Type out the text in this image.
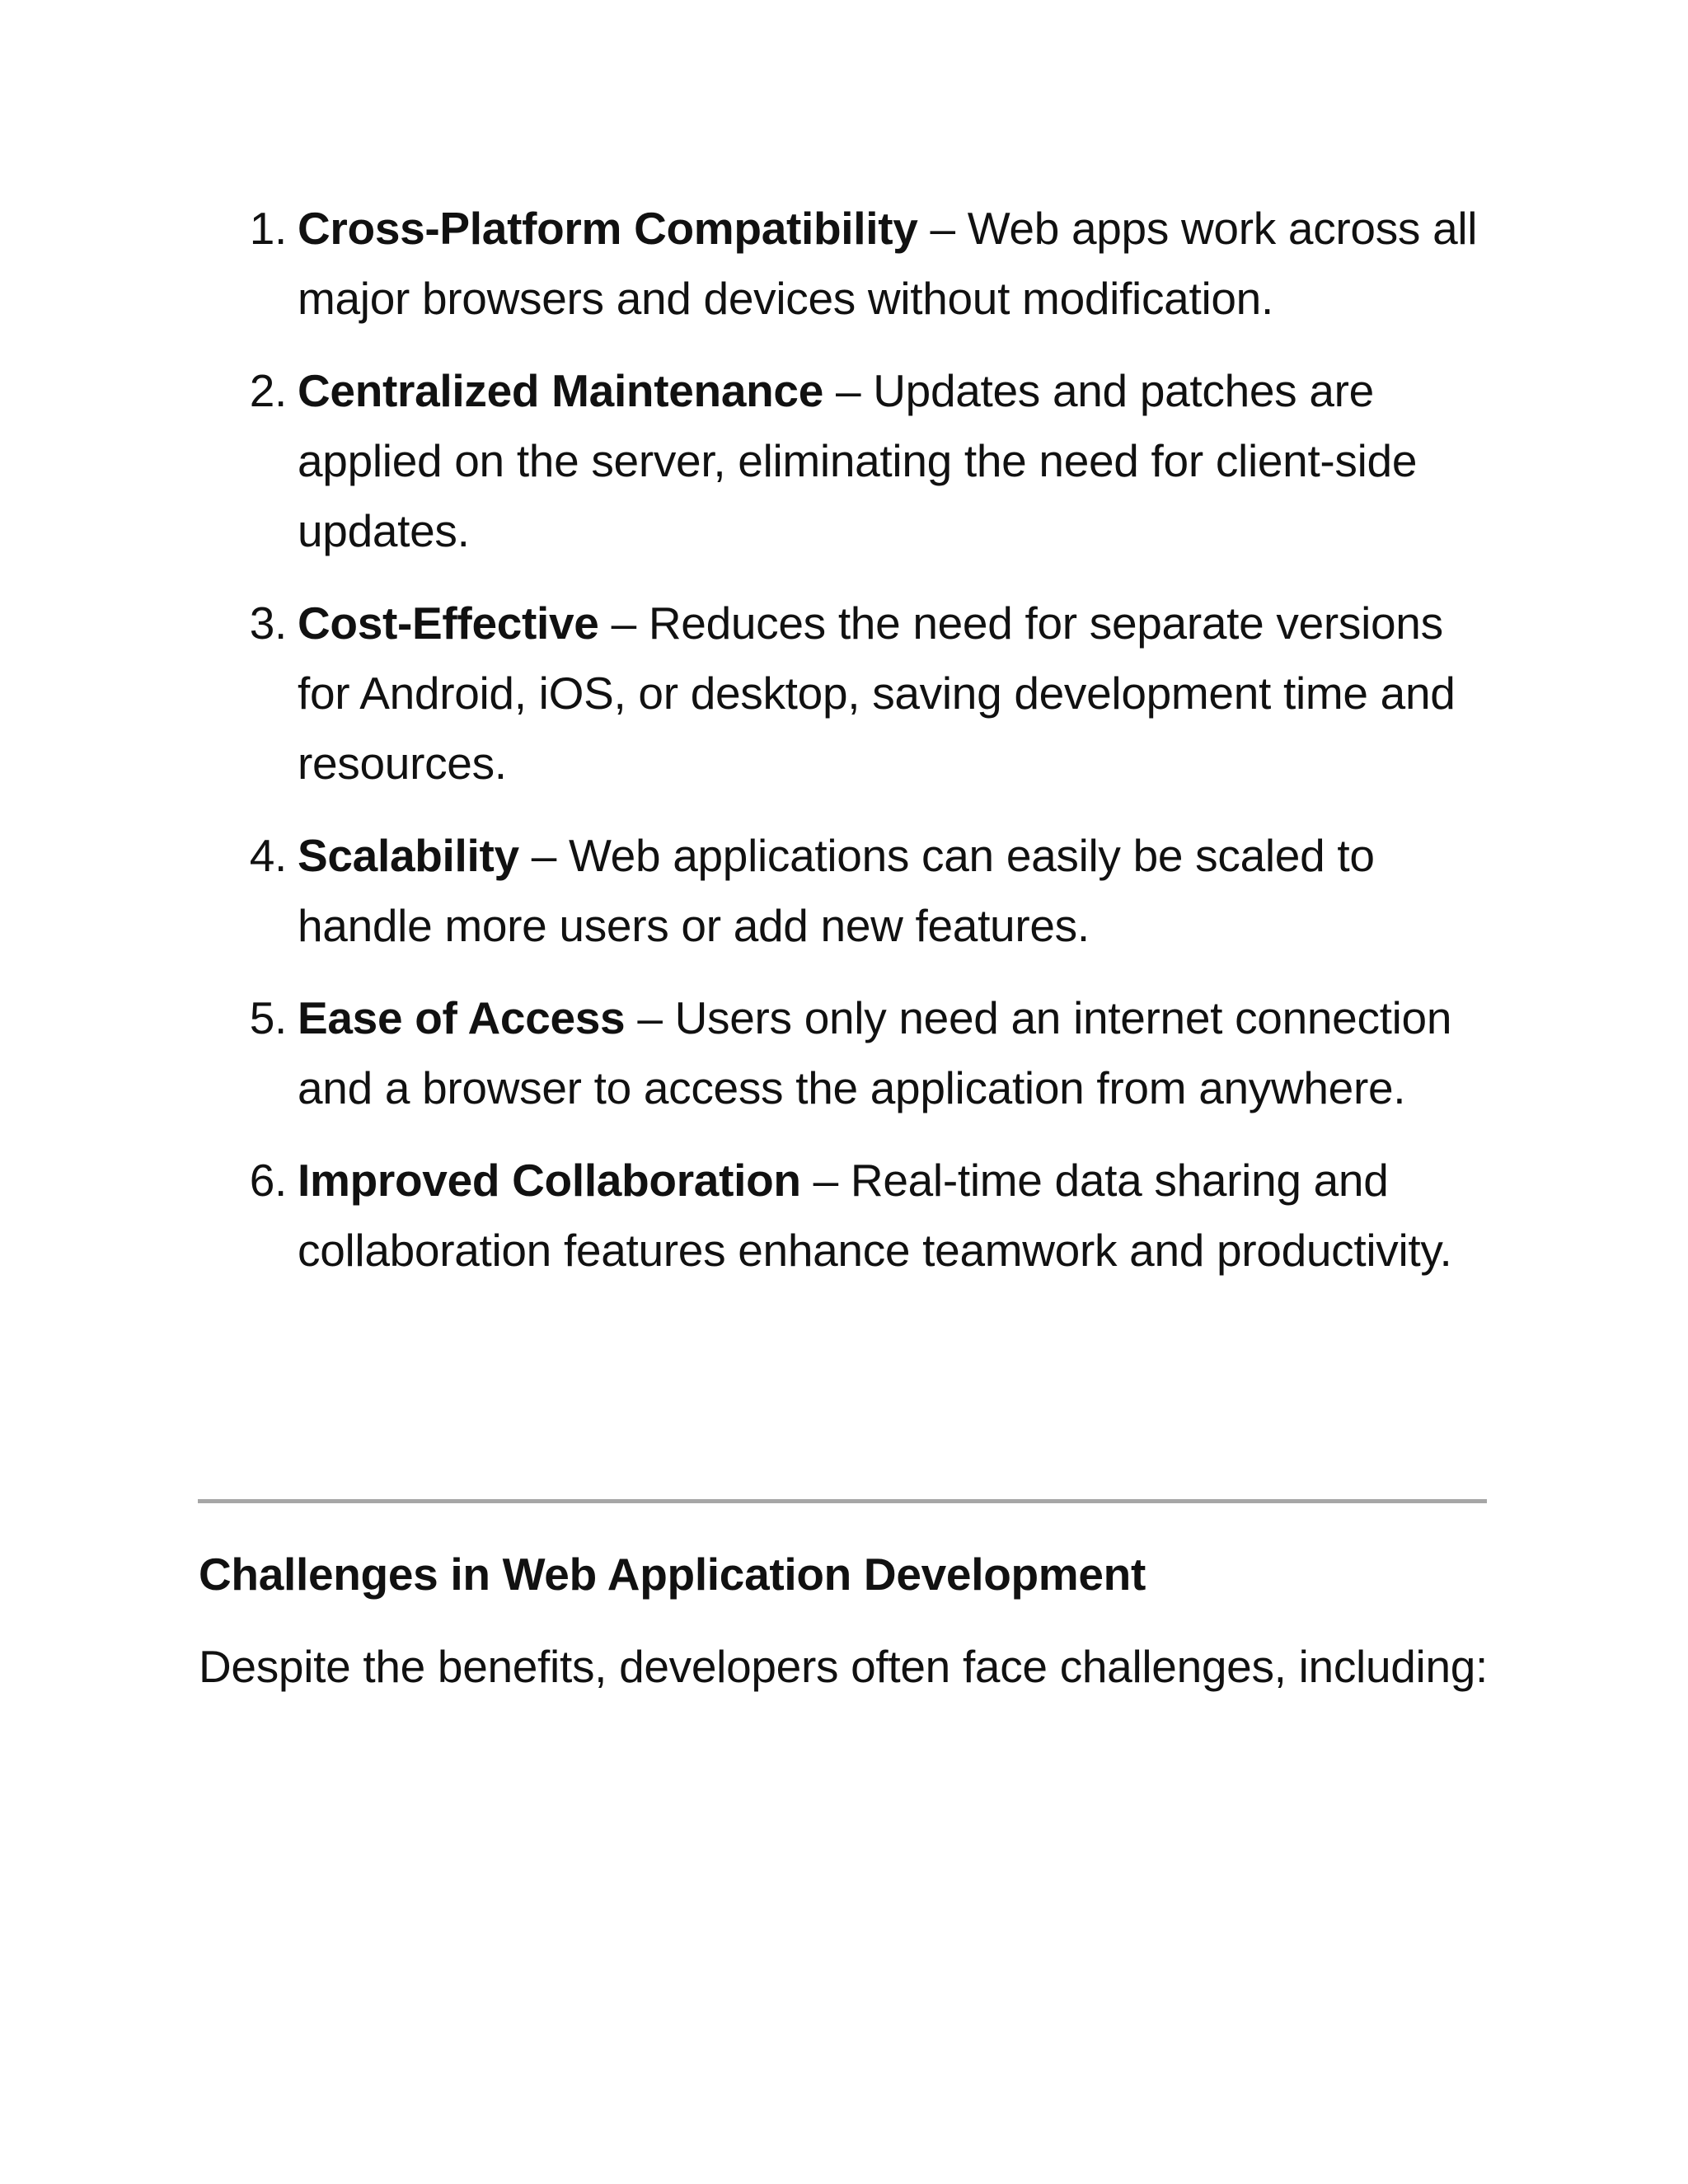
1. Cross-Platform Compatibility – Web apps work across all major browsers and devices without modification.
2. Centralized Maintenance – Updates and patches are applied on the server, eliminating the need for client-side updates.
3. Cost-Effective – Reduces the need for separate versions for Android, iOS, or desktop, saving development time and resources.
4. Scalability – Web applications can easily be scaled to handle more users or add new features.
5. Ease of Access – Users only need an internet connection and a browser to access the application from anywhere.
6. Improved Collaboration – Real-time data sharing and collaboration features enhance teamwork and productivity.
Challenges in Web Application Development

Despite the benefits, developers often face challenges, including:
